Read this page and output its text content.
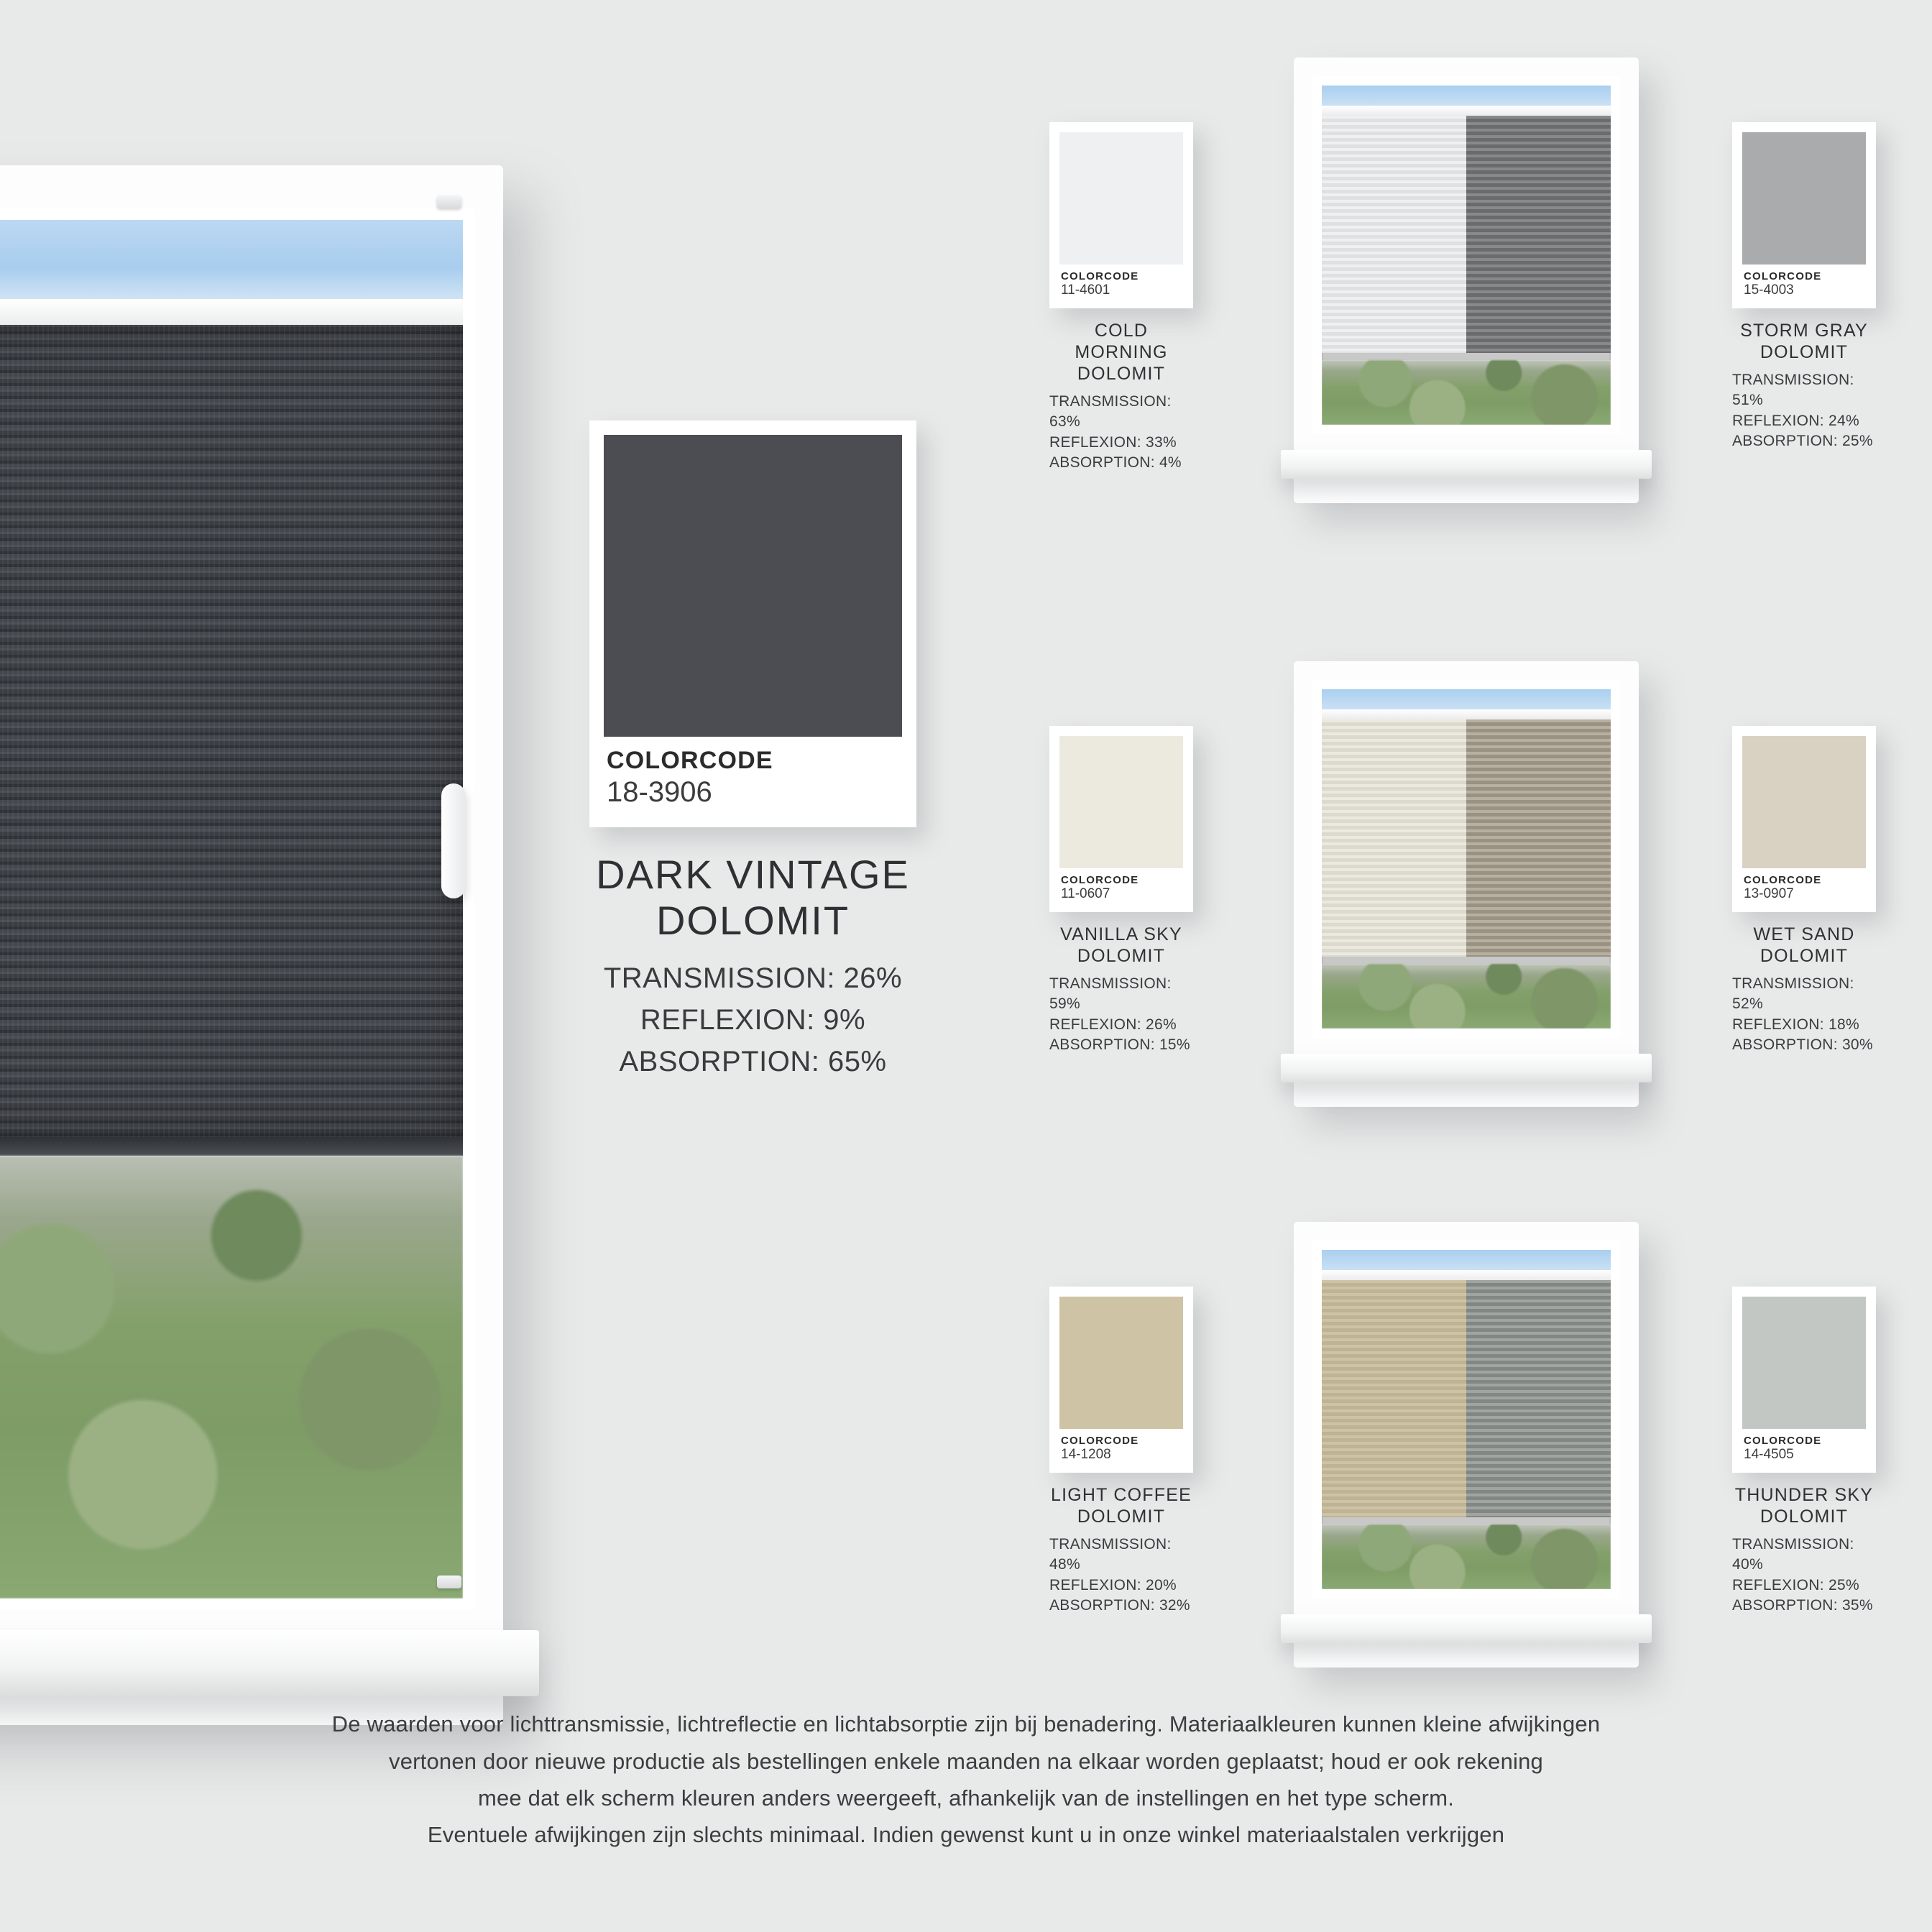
COLORCODE
18-3906
DARK VINTAGE
DOLOMIT
TRANSMISSION: 26%
REFLEXION: 9%
ABSORPTION: 65%
COLORCODE
11-4601
COLD MORNING
DOLOMIT
TRANSMISSION: 63%
REFLEXION: 33%
ABSORPTION: 4%
COLORCODE
15-4003
STORM GRAY
DOLOMIT
TRANSMISSION: 51%
REFLEXION: 24%
ABSORPTION: 25%
COLORCODE
11-0607
VANILLA SKY
DOLOMIT
TRANSMISSION: 59%
REFLEXION: 26%
ABSORPTION: 15%
COLORCODE
13-0907
WET SAND
DOLOMIT
TRANSMISSION: 52%
REFLEXION: 18%
ABSORPTION: 30%
COLORCODE
14-1208
LIGHT COFFEE
DOLOMIT
TRANSMISSION: 48%
REFLEXION: 20%
ABSORPTION: 32%
COLORCODE
14-4505
THUNDER SKY
DOLOMIT
TRANSMISSION: 40%
REFLEXION: 25%
ABSORPTION: 35%
De waarden voor lichttransmissie, lichtreflectie en lichtabsorptie zijn bij benadering. Materiaalkleuren kunnen kleine afwijkingen
vertonen door nieuwe productie als bestellingen enkele maanden na elkaar worden geplaatst; houd er ook rekening
mee dat elk scherm kleuren anders weergeeft, afhankelijk van de instellingen en het type scherm.
Eventuele afwijkingen zijn slechts minimaal. Indien gewenst kunt u in onze winkel materiaalstalen verkrijgen
